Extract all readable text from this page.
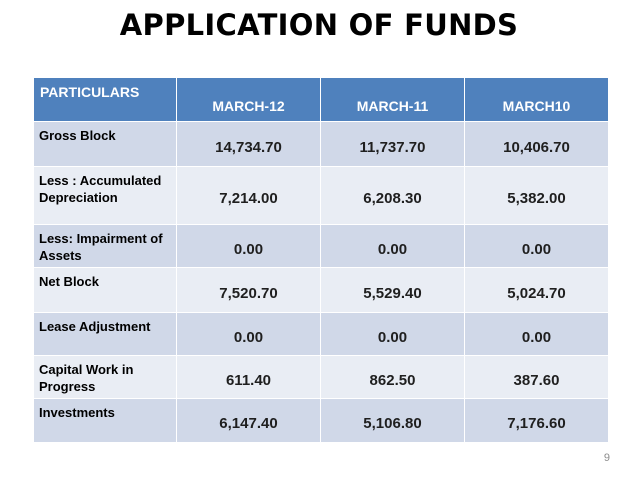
APPLICATION OF FUNDS
PARTICULARS	MARCH-12	MARCH-11	MARCH10
Gross Block	14,734.70	11,737.70	10,406.70
Less : Accumulated Depreciation	7,214.00	6,208.30	5,382.00
Less: Impairment of Assets	0.00	0.00	0.00
Net Block	7,520.70	5,529.40	5,024.70
Lease Adjustment	0.00	0.00	0.00
Capital Work in Progress	611.40	862.50	387.60
Investments	6,147.40	5,106.80	7,176.60
9
